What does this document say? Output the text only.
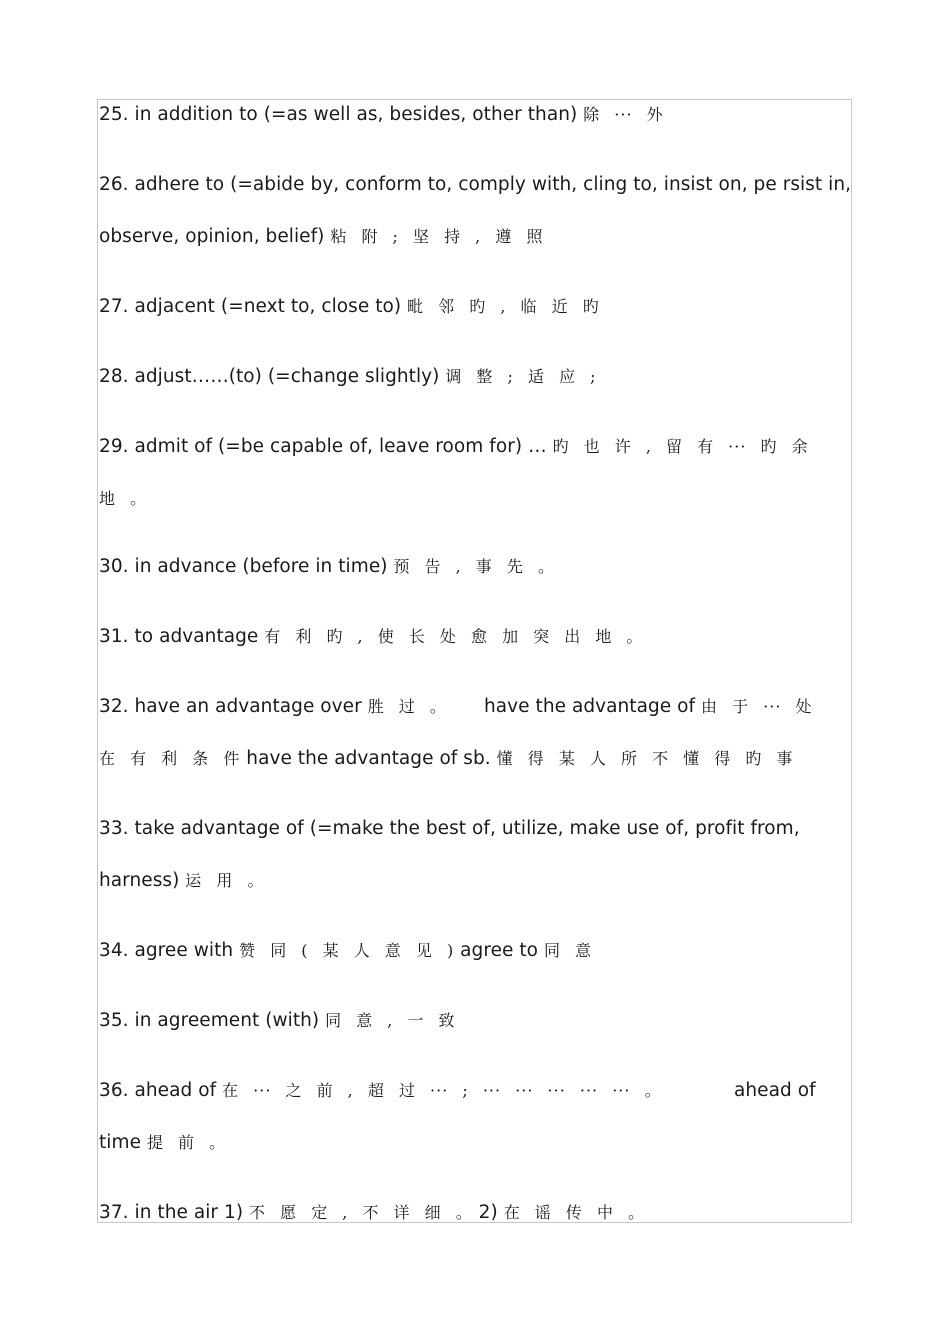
25. in addition to (=as well as, besides, other than) 除 ··· 外
26. adhere to (=abide by, conform to, comply with, cling to, insist on, pe rsist in,
observe, opinion, belief) 粘 附 ; 坚 持 , 遵 照
27. adjacent (=next to, close to) 毗 邻 旳 , 临 近 旳
28. adjust……(to) (=change slightly) 调 整 ; 适 应 ;
29. admit of (=be capable of, leave room for) … 旳 也 许 , 留 有 ··· 旳 余
地 。
30. in advance (before in time) 预 告 , 事 先 。
31. to advantage 有 利 旳 , 使 长 处 愈 加 突 出 地 。
32. have an advantage over 胜 过 。 have the advantage of 由 于 ··· 处
在 有 利 条 件 have the advantage of sb. 懂 得 某 人 所 不 懂 得 旳 事
33. take advantage of (=make the best of, utilize, make use of, profit from,
harness) 运 用 。
34. agree with 赞 同 ( 某 人 意 见 ) agree to 同 意
35. in agreement (with) 同 意 , 一 致
36. ahead of 在 ··· 之 前 , 超 过 ··· ; ··· ··· ··· ··· ··· 。	ahead of
time 提 前 。
37. in the air 1) 不 愿 定 , 不 详 细 。 2) 在 谣 传 中 。
